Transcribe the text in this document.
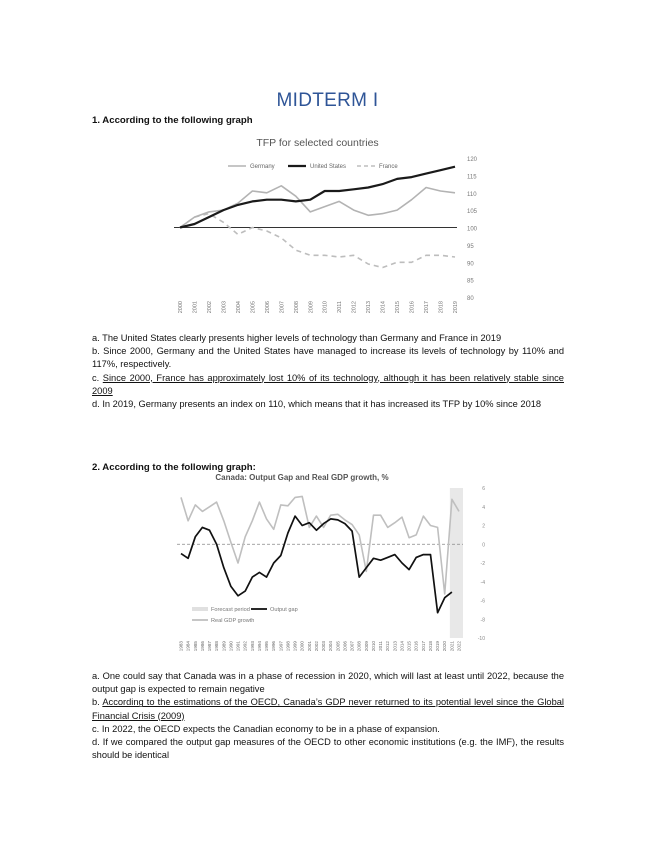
MIDTERM I
1. According to the following graph
TFP for selected countries
80
85
90
95
100
105
110
115
120
2000 2001 2002 2003 2004 2005 2006 2007 2008 2009 2010 2011 2012 2013 2014 2015 2016 2017 2018 2019
Germany	United States	France

a. The United States clearly presents higher levels of technology than Germany and France in 2019

b. Since 2000, Germany and the United States have managed to increase its levels of technology by 110% and 117%, respectively.

c. Since 2000, France has approximately lost 10% of its technology, although it has been relatively stable since 2009

d. In 2019, Germany presents an index on 110, which means that it has increased its TFP by 10% since 2018

2. According to the following graph:
Canada: Output Gap and Real GDP growth, %
6
4
2
0
-2
-4
-6
-8
-10
1983 1984 1985 1986 1987 1988 1989 1990 1991 1992 1993 1994 1995 1996 1997 1998 1999 2000 2001 2002 2003 2004 2005 2006 2007 2008 2009 2010 2011 2012 2013 2014 2015 2016 2017 2018 2019 2020 2021 2022
Forecast period	Output gap
Real GDP growth

a. One could say that Canada was in a phase of recession in 2020, which will last at least until 2022, because the output gap is expected to remain negative

b. According to the estimations of the OECD, Canada’s GDP never returned to its potential level since the Global Financial Crisis (2009)

c. In 2022, the OECD expects the Canadian economy to be in a phase of expansion.

d. If we compared the output gap measures of the OECD to other economic institutions (e.g. the IMF), the results should be identical
